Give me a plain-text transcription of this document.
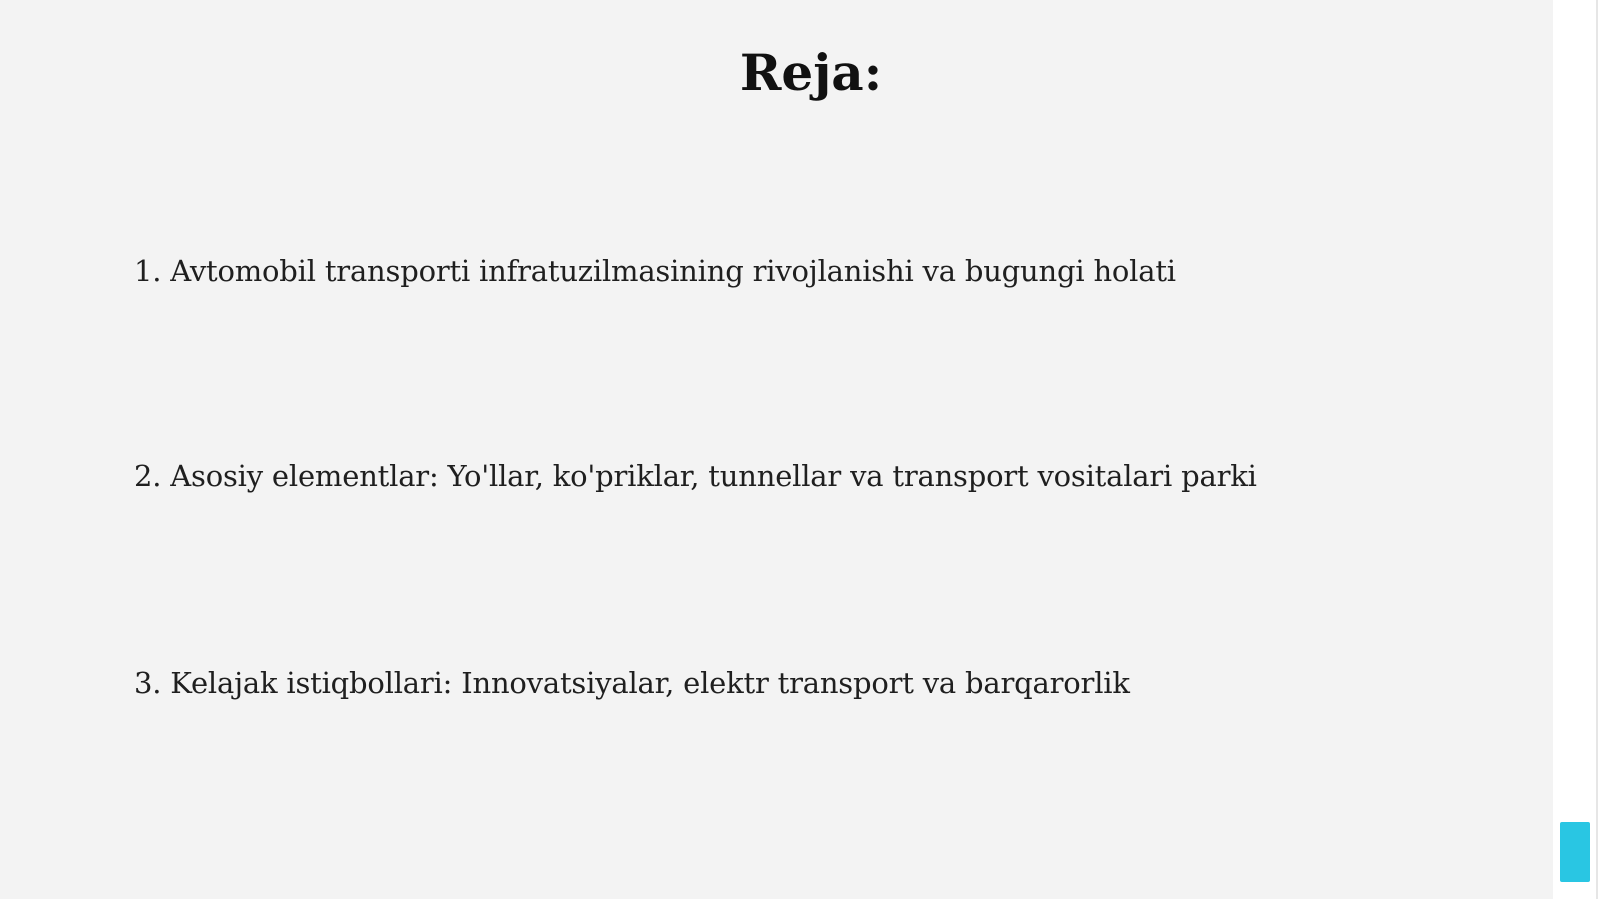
Reja:
1. Avtomobil transporti infratuzilmasining rivojlanishi va bugungi holati
2. Asosiy elementlar: Yo'llar, ko'priklar, tunnellar va transport vositalari parki
3. Kelajak istiqbollari: Innovatsiyalar, elektr transport va barqarorlik
